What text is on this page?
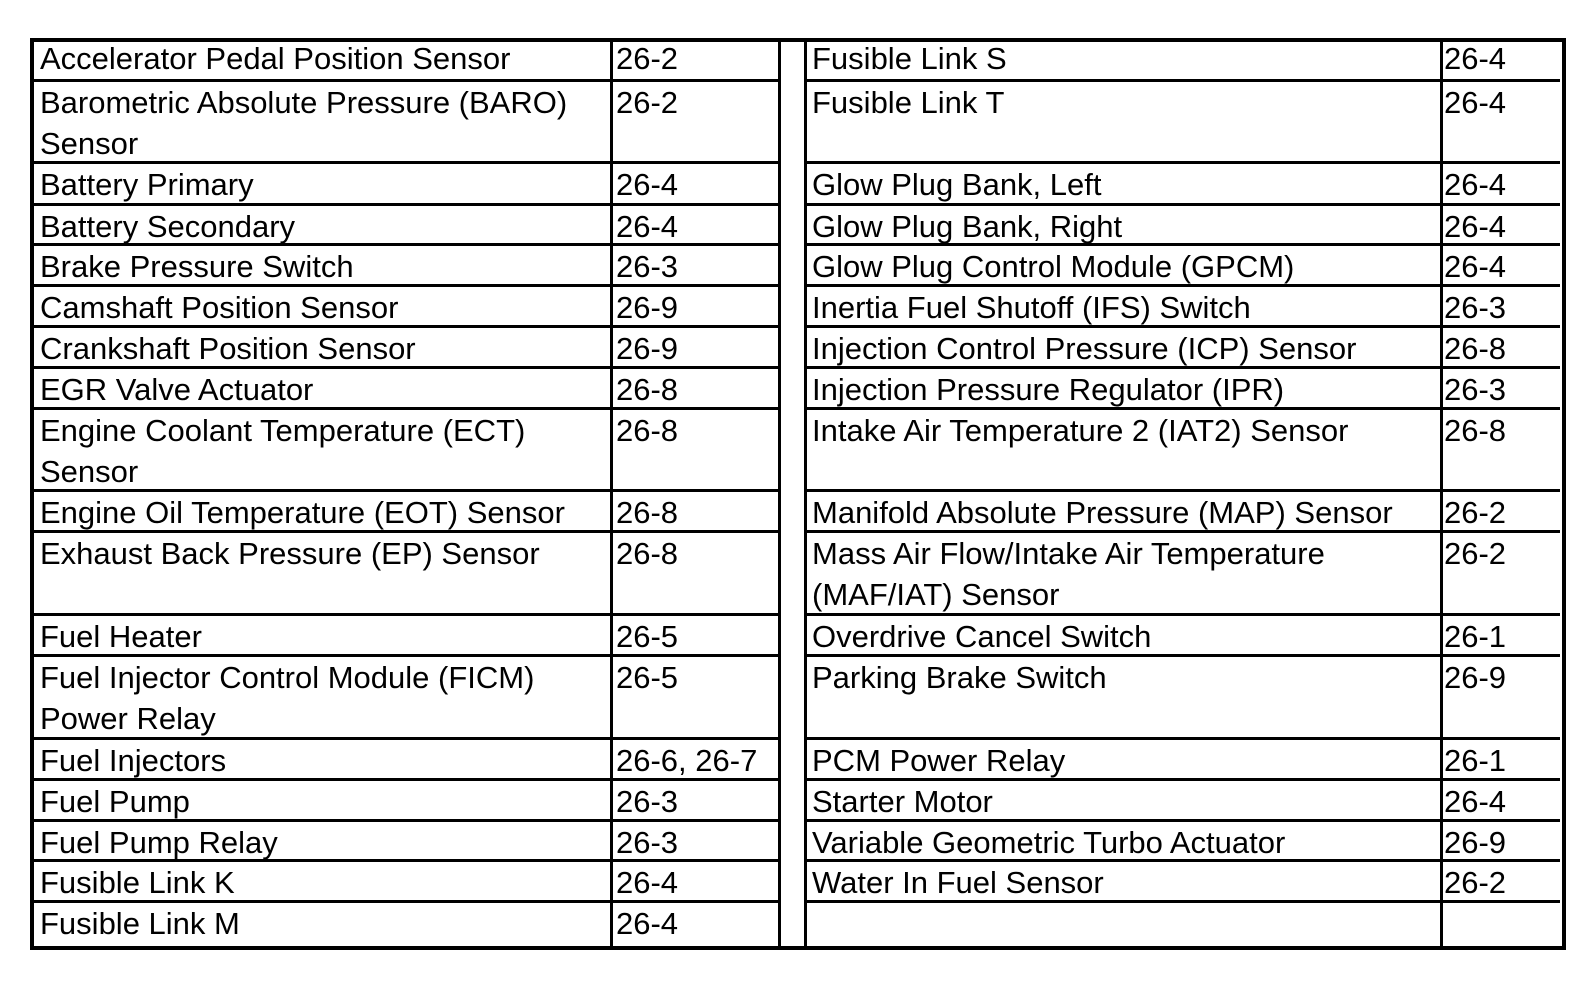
Accelerator Pedal Position Sensor	26-2
Barometric Absolute Pressure (BARO) Sensor
26-2
Battery Primary	26-4
Battery Secondary	26-4
Brake Pressure Switch	26-3
Camshaft Position Sensor	26-9
Crankshaft Position Sensor	26-9
EGR Valve Actuator	26-8
Engine Coolant Temperature (ECT) Sensor
26-8
Engine Oil Temperature (EOT) Sensor	26-8
Exhaust Back Pressure (EP) Sensor	26-8
Fuel Heater	26-5
Fuel Injector Control Module (FICM) Power Relay
26-5
Fuel Injectors	26-6, 26-7
Fuel Pump	26-3
Fuel Pump Relay	26-3
Fusible Link K	26-4
Fusible Link M	26-4
Fusible Link S	26-4
Fusible Link T	26-4
Glow Plug Bank, Left	26-4
Glow Plug Bank, Right	26-4
Glow Plug Control Module (GPCM)	26-4
Inertia Fuel Shutoff (IFS) Switch	26-3
Injection Control Pressure (ICP) Sensor	26-8
Injection Pressure Regulator (IPR)	26-3
Intake Air Temperature 2 (IAT2) Sensor	26-8
Manifold Absolute Pressure (MAP) Sensor	26-2
Mass Air Flow/Intake Air Temperature (MAF/IAT) Sensor
26-2
Overdrive Cancel Switch	26-1
Parking Brake Switch	26-9
PCM Power Relay	26-1
Starter Motor	26-4
Variable Geometric Turbo Actuator	26-9
Water In Fuel Sensor	26-2
